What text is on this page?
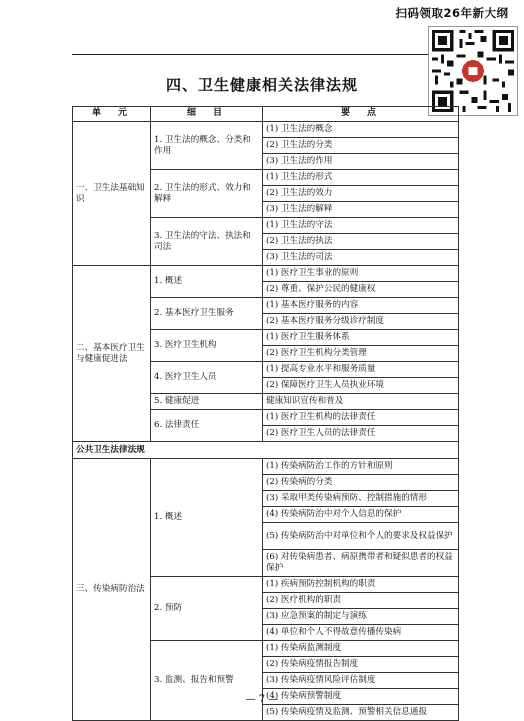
扫码领取26年新大纲
四、卫生健康相关法律法规
单　元	细　目	要　点
一、卫生法基础知识	1. 卫生法的概念、分类和作用	(1) 卫生法的概念
		(2) 卫生法的分类
		(3) 卫生法的作用
	2. 卫生法的形式、效力和解释	(1) 卫生法的形式
		(2) 卫生法的效力
		(3) 卫生法的解释
	3. 卫生法的守法、执法和司法	(1) 卫生法的守法
		(2) 卫生法的执法
		(3) 卫生法的司法
二、基本医疗卫生与健康促进法	1. 概述	(1) 医疗卫生事业的原则
		(2) 尊重、保护公民的健康权
	2. 基本医疗卫生服务	(1) 基本医疗服务的内容
		(2) 基本医疗服务分级诊疗制度
	3. 医疗卫生机构	(1) 医疗卫生服务体系
		(2) 医疗卫生机构分类管理
	4. 医疗卫生人员	(1) 提高专业水平和服务质量
		(2) 保障医疗卫生人员执业环境
	5. 健康促进	健康知识宣传和普及
	6. 法律责任	(1) 医疗卫生机构的法律责任
		(2) 医疗卫生人员的法律责任
公共卫生法律法规		
三、传染病防治法	1. 概述	(1) 传染病防治工作的方针和原则
		(2) 传染病的分类
		(3) 采取甲类传染病预防、控制措施的情形
		(4) 传染病防治中对个人信息的保护
		(5) 传染病防治中对单位和个人的要求及权益保护
		(6) 对传染病患者、病原携带者和疑似患者的权益保护
	2. 预防	(1) 疾病预防控制机构的职责
		(2) 医疗机构的职责
		(3) 应急预案的制定与演练
		(4) 单位和个人不得故意传播传染病
	3. 监测、报告和预警	(1) 传染病监测制度
		(2) 传染病疫情报告制度
		(3) 传染病疫情风险评估制度
		(4) 传染病预警制度
		(5) 传染病疫情及监测、预警相关信息通报
— 7 —
